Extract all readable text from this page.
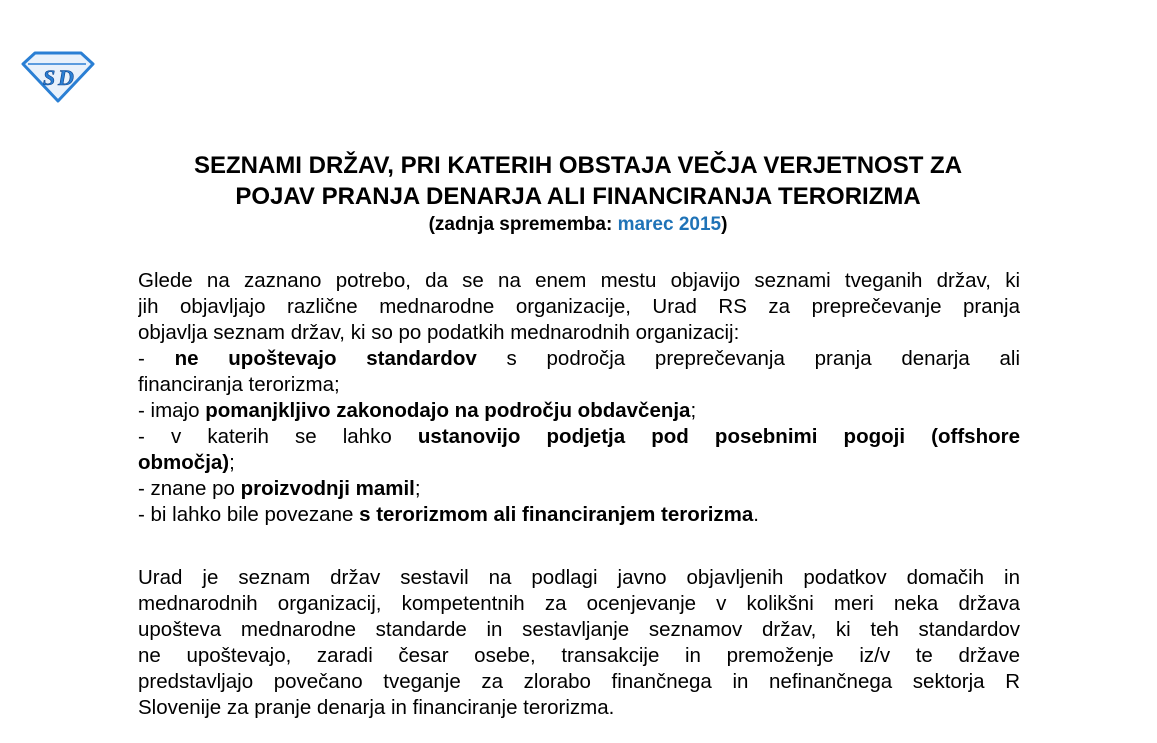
S D
SEZNAMI DRŽAV, PRI KATERIH OBSTAJA VEČJA VERJETNOST ZA
POJAV PRANJA DENARJA ALI FINANCIRANJA TERORIZMA
(zadnja sprememba: marec 2015)
Glede na zaznano potrebo, da se na enem mestu objavijo seznami tveganih držav, ki
jih objavljajo različne mednarodne organizacije, Urad RS za preprečevanje pranja
objavlja seznam držav, ki so po podatkih mednarodnih organizacij:
- ne upoštevajo standardov s področja preprečevanja pranja denarja ali
financiranja terorizma;
- imajo pomanjkljivo zakonodajo na področju obdavčenja;
- v katerih se lahko ustanovijo podjetja pod posebnimi pogoji (offshore
območja);
- znane po proizvodnji mamil;
- bi lahko bile povezane s terorizmom ali financiranjem terorizma.
Urad je seznam držav sestavil na podlagi javno objavljenih podatkov domačih in
mednarodnih organizacij, kompetentnih za ocenjevanje v kolikšni meri neka država
upošteva mednarodne standarde in sestavljanje seznamov držav, ki teh standardov
ne upoštevajo, zaradi česar osebe, transakcije in premoženje iz/v te države
predstavljajo povečano tveganje za zlorabo finančnega in nefinančnega sektorja R
Slovenije za pranje denarja in financiranje terorizma.
